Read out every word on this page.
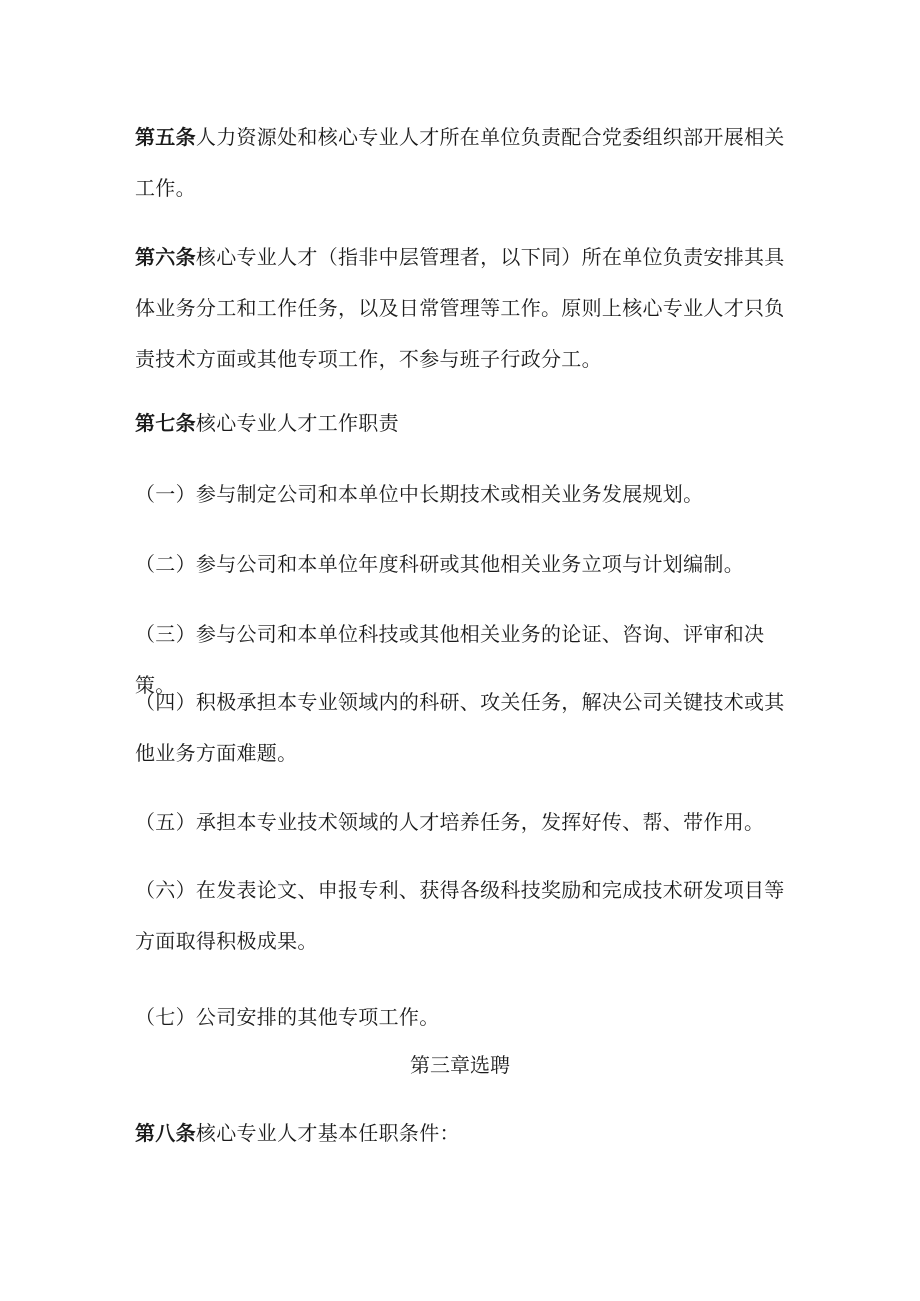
第五条人力资源处和核心专业人才所在单位负责配合党委组织部开展相关工作。

第六条核心专业人才（指非中层管理者，以下同）所在单位负责安排其具体业务分工和工作任务，以及日常管理等工作。原则上核心专业人才只负责技术方面或其他专项工作，不参与班子行政分工。

第七条核心专业人才工作职责

（一）参与制定公司和本单位中长期技术或相关业务发展规划。

（二）参与公司和本单位年度科研或其他相关业务立项与计划编制。

（三）参与公司和本单位科技或其他相关业务的论证、咨询、评审和决策。

（四）积极承担本专业领域内的科研、攻关任务，解决公司关键技术或其他业务方面难题。

（五）承担本专业技术领域的人才培养任务，发挥好传、帮、带作用。

（六）在发表论文、申报专利、获得各级科技奖励和完成技术研发项目等方面取得积极成果。

（七）公司安排的其他专项工作。

第三章选聘

第八条核心专业人才基本任职条件：
